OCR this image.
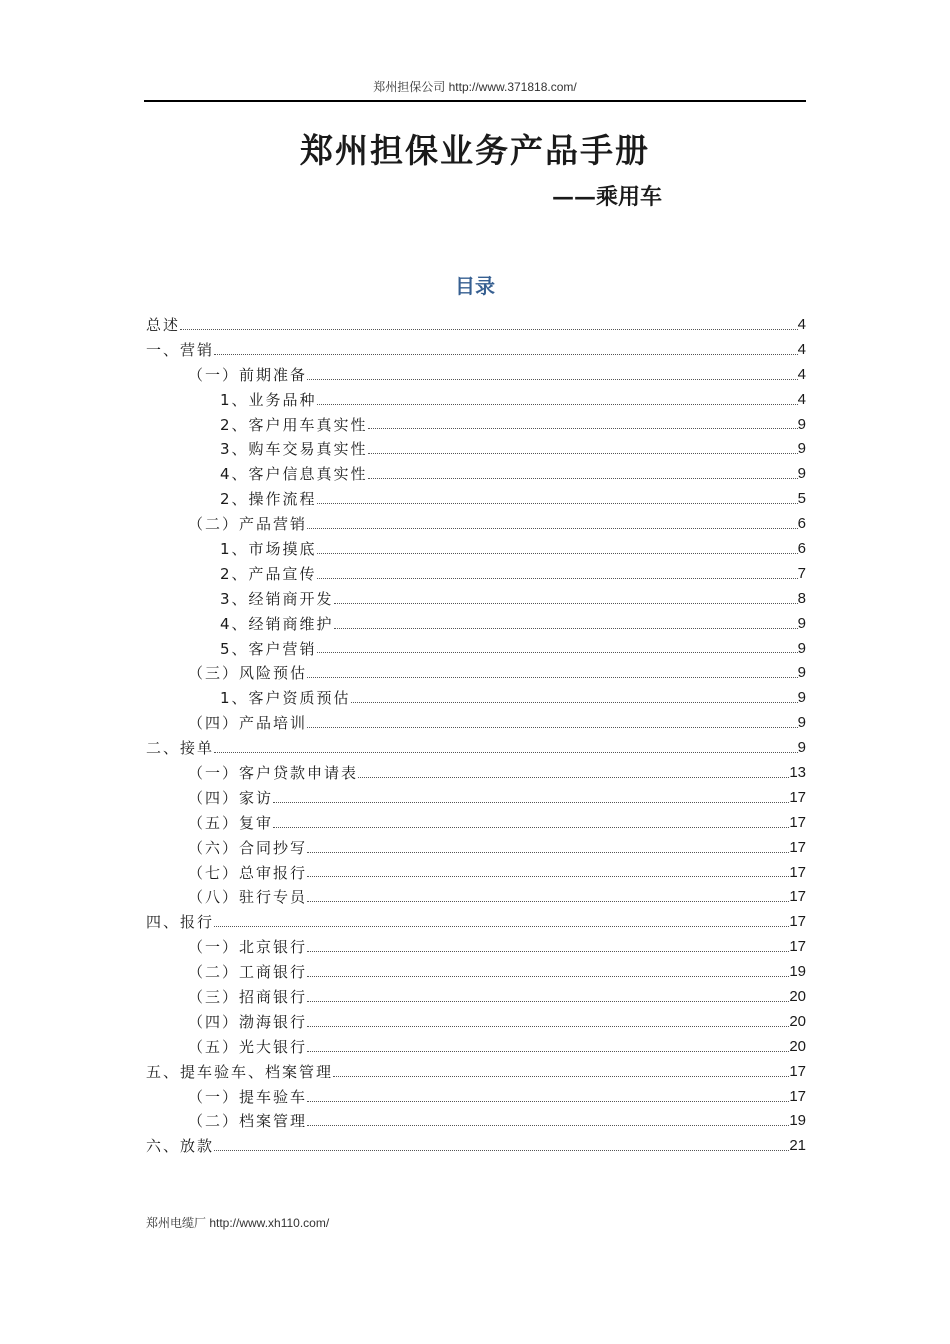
郑州担保公司 http://www.371818.com/
郑州担保业务产品手册
——乘用车
目录
总述	4
一、营销	4
（一）前期准备	4
1、业务品种	4
2、客户用车真实性	9
3、购车交易真实性	9
4、客户信息真实性	9
2、操作流程	5
（二）产品营销	6
1、市场摸底	6
2、产品宣传	7
3、经销商开发	8
4、经销商维护	9
5、客户营销	9
（三）风险预估	9
1、客户资质预估	9
（四）产品培训	9
二、接单	9
（一）客户贷款申请表	13
（四）家访	17
（五）复审	17
（六）合同抄写	17
（七）总审报行	17
（八）驻行专员	17
四、报行	17
（一）北京银行	17
（二）工商银行	19
（三）招商银行	20
（四）渤海银行	20
（五）光大银行	20
五、提车验车、档案管理	17
（一）提车验车	17
（二）档案管理	19
六、放款	21
郑州电缆厂 http://www.xh110.com/
